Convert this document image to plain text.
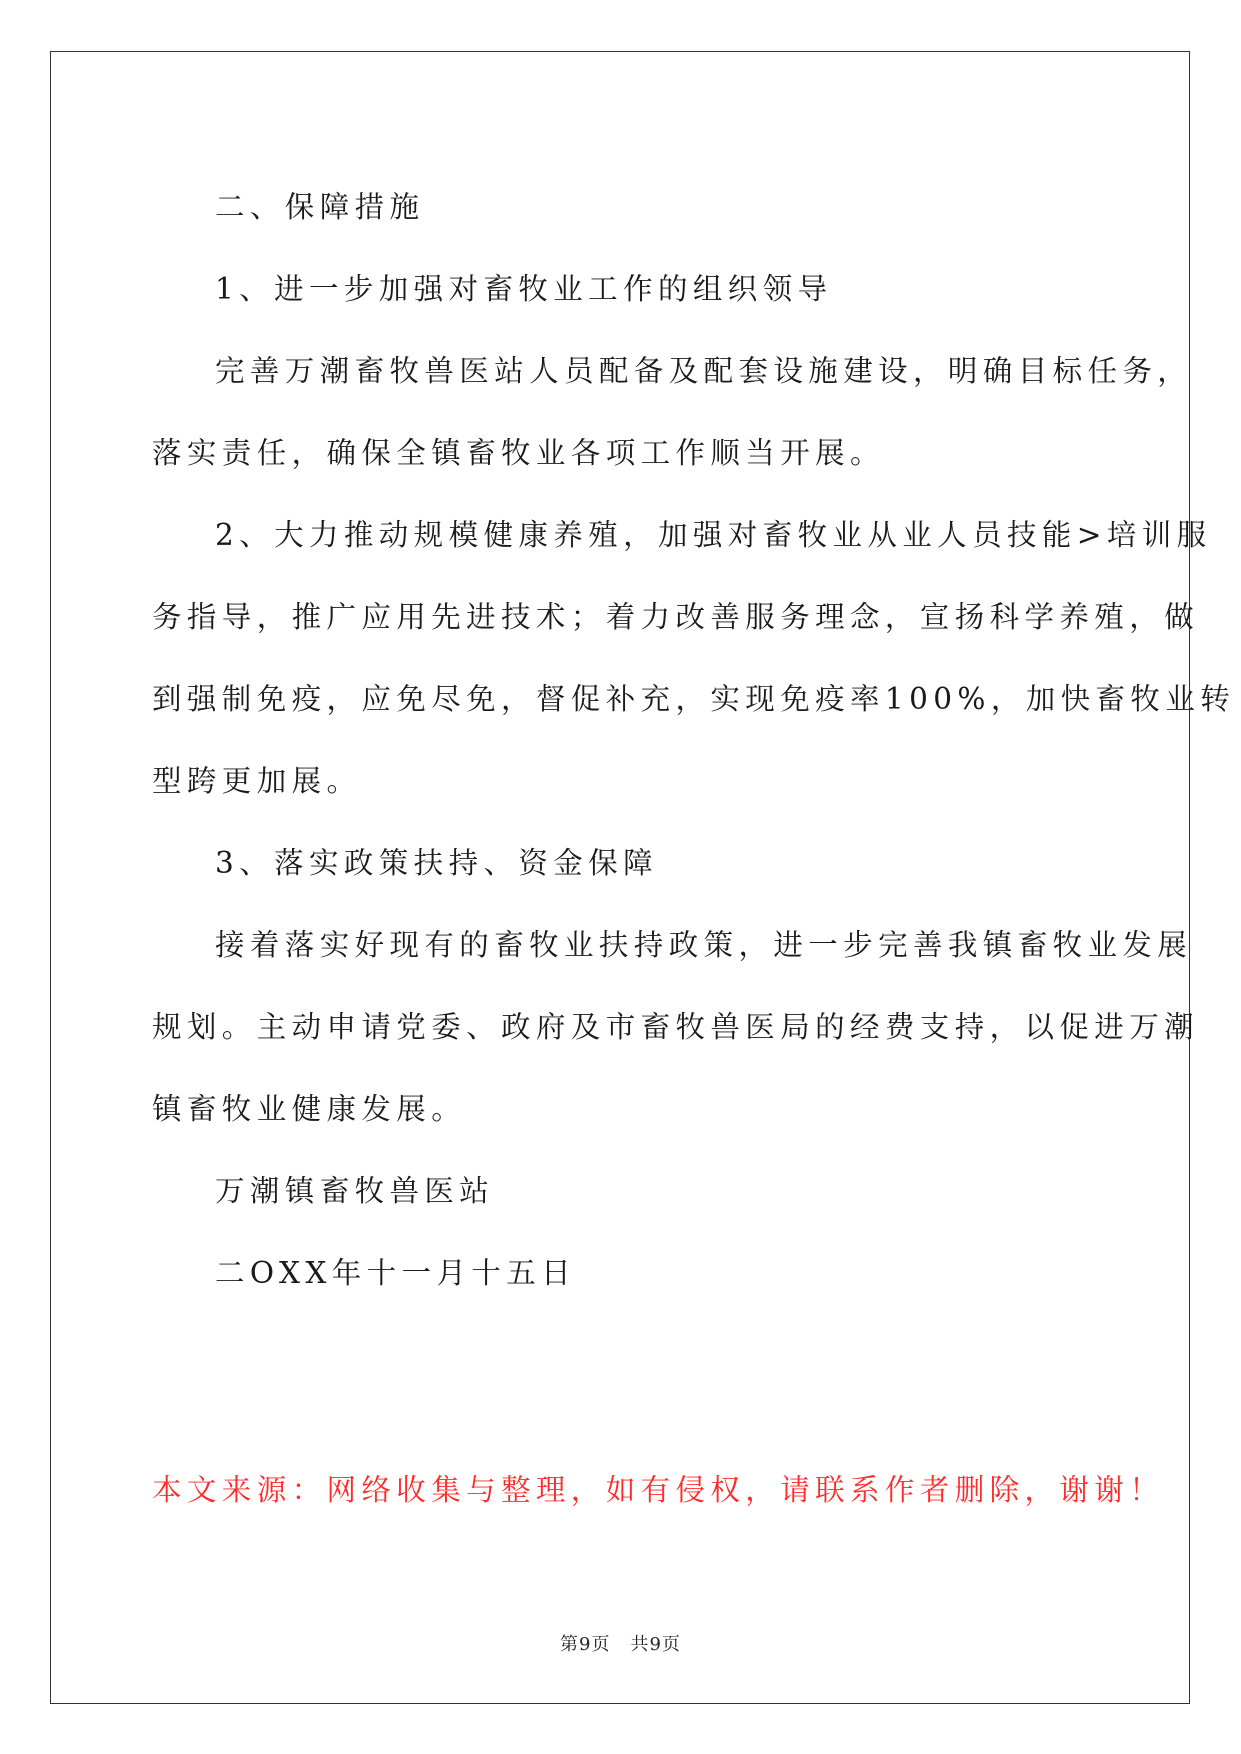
二、保障措施

1、进一步加强对畜牧业工作的组织领导

完善万潮畜牧兽医站人员配备及配套设施建设，明确目标任务，

落实责任，确保全镇畜牧业各项工作顺当开展。

2、大力推动规模健康养殖，加强对畜牧业从业人员技能>培训服

务指导，推广应用先进技术；着力改善服务理念，宣扬科学养殖，做

到强制免疫，应免尽免，督促补充，实现免疫率100%，加快畜牧业转

型跨更加展。

3、落实政策扶持、资金保障

接着落实好现有的畜牧业扶持政策，进一步完善我镇畜牧业发展

规划。主动申请党委、政府及市畜牧兽医局的经费支持，以促进万潮

镇畜牧业健康发展。

万潮镇畜牧兽医站

二OXX年十一月十五日

本文来源：网络收集与整理，如有侵权，请联系作者删除，谢谢！
第9页 共9页
